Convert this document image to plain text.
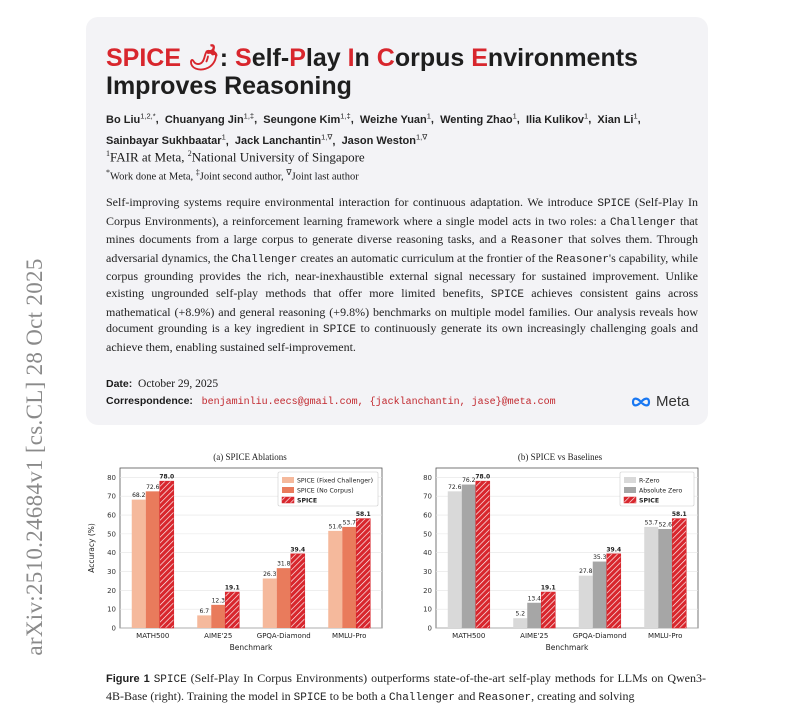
arXiv:2510.24684v1 [cs.CL] 28 Oct 2025
SPICE 🌶: Self-Play In Corpus Environments
Improves Reasoning
Bo Liu$^{1,2,*}$,  Chuanyang Jin$^{1,\ddagger}$,  Seungone Kim$^{1,\ddagger}$,  Weizhe Yuan$^1$,  Wenting Zhao$^1$,  Ilia Kulikov$^1$,  Xian Li$^1$,
Sainbayar Sukhbaatar$^1$,  Jack Lanchantin$^{1,\nabla}$,  Jason Weston$^{1,\nabla}$
$^1$FAIR at Meta, $^2$National University of Singapore
*Work done at Meta, ‡Joint second author, ∇Joint last author
Self-improving systems require environmental interaction for continuous adaptation. We introduce SPICE (Self-Play In Corpus Environments), a reinforcement learning framework where a single model acts in two roles: a Challenger that mines documents from a large corpus to generate diverse reasoning tasks, and a Reasoner that solves them. Through adversarial dynamics, the Challenger creates an automatic curriculum at the frontier of the Reasoner's capability, while corpus grounding provides the rich, near-inexhaustible external signal necessary for sustained improvement. Unlike existing ungrounded self-play methods that offer more limited benefits, SPICE achieves consistent gains across mathematical (+8.9%) and general reasoning (+9.8%) benchmarks on multiple model families. Our analysis reveals how document grounding is a key ingredient in SPICE to continuously generate its own increasingly challenging goals and achieve them, enabling sustained self-improvement.
Date: October 29, 2025
Correspondence: benjaminliu.eecs@gmail.com, {jacklanchantin, jase}@meta.com	Meta
(a) SPICE Ablations	(b) SPICE vs Baselines
0
10
20
30
40
50
60
70
80
68.2
72.6
78.0
MATH500
6.7
12.3
19.1
AIME'25
26.3
31.8
39.4
GPQA-Diamond
51.6
53.7
58.1
MMLU-Pro
Benchmark
Accuracy (%)
SPICE (Fixed Challenger)
SPICE (No Corpus)
SPICE
0
10
20
30
40
50
60
70
80
72.6
76.2 78.0
MATH500
5.2
13.4
19.1
AIME'25
27.8
35.3
39.4
GPQA-Diamond
53.7 52.6
58.1
MMLU-Pro
Benchmark
R-Zero
Absolute Zero
SPICE
Figure 1 SPICE (Self-Play In Corpus Environments) outperforms state-of-the-art self-play methods for LLMs on Qwen3-4B-Base (right). Training the model in SPICE to be both a Challenger and Reasoner, creating and solving
